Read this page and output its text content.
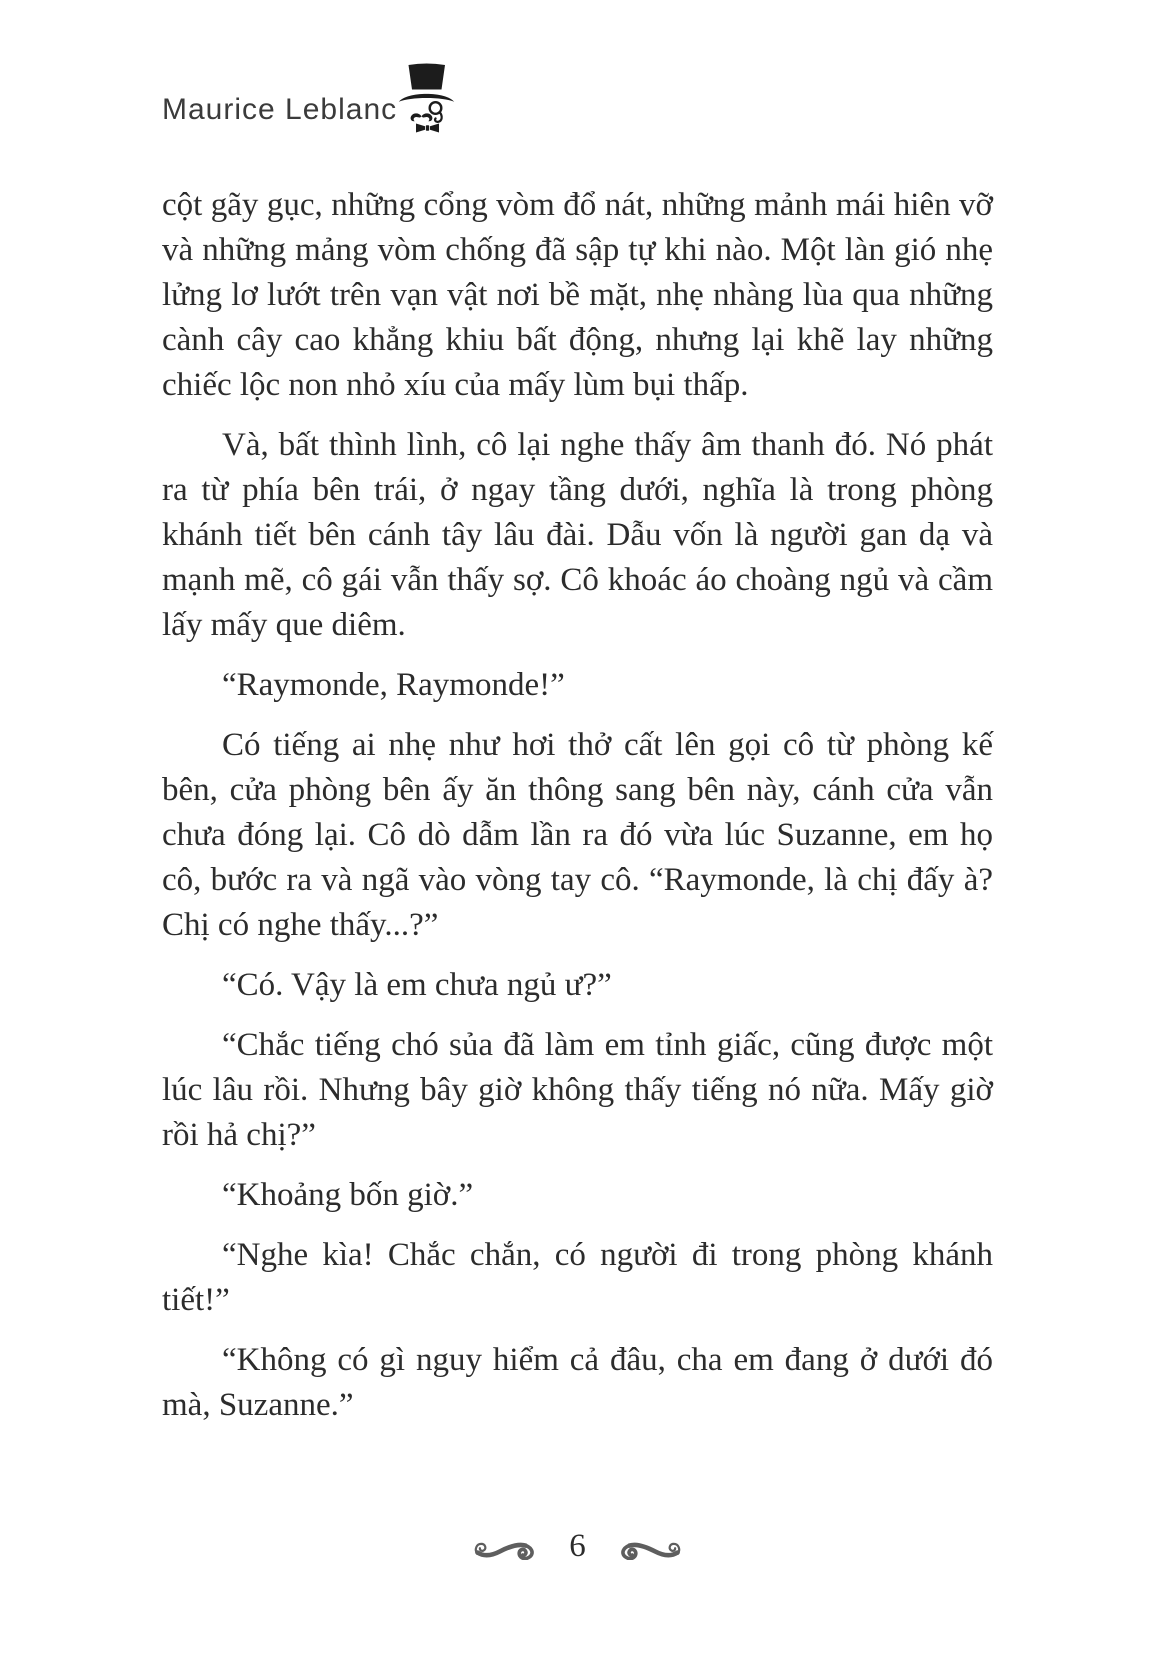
Maurice Leblanc

cột gãy gục, những cổng vòm đổ nát, những mảnh mái hiên vỡ và những mảng vòm chống đã sập tự khi nào. Một làn gió nhẹ lửng lơ lướt trên vạn vật nơi bề mặt, nhẹ nhàng lùa qua những cành cây cao khẳng khiu bất động, nhưng lại khẽ lay những chiếc lộc non nhỏ xíu của mấy lùm bụi thấp.

Và, bất thình lình, cô lại nghe thấy âm thanh đó. Nó phát ra từ phía bên trái, ở ngay tầng dưới, nghĩa là trong phòng khánh tiết bên cánh tây lâu đài. Dẫu vốn là người gan dạ và mạnh mẽ, cô gái vẫn thấy sợ. Cô khoác áo choàng ngủ và cầm lấy mấy que diêm.

“Raymonde, Raymonde!”

Có tiếng ai nhẹ như hơi thở cất lên gọi cô từ phòng kế bên, cửa phòng bên ấy ăn thông sang bên này, cánh cửa vẫn chưa đóng lại. Cô dò dẫm lần ra đó vừa lúc Suzanne, em họ cô, bước ra và ngã vào vòng tay cô. “Raymonde, là chị đấy à? Chị có nghe thấy...?”

“Có. Vậy là em chưa ngủ ư?”

“Chắc tiếng chó sủa đã làm em tỉnh giấc, cũng được một lúc lâu rồi. Nhưng bây giờ không thấy tiếng nó nữa. Mấy giờ rồi hả chị?”

“Khoảng bốn giờ.”

“Nghe kìa! Chắc chắn, có người đi trong phòng khánh tiết!”

“Không có gì nguy hiểm cả đâu, cha em đang ở dưới đó mà, Suzanne.”

6
